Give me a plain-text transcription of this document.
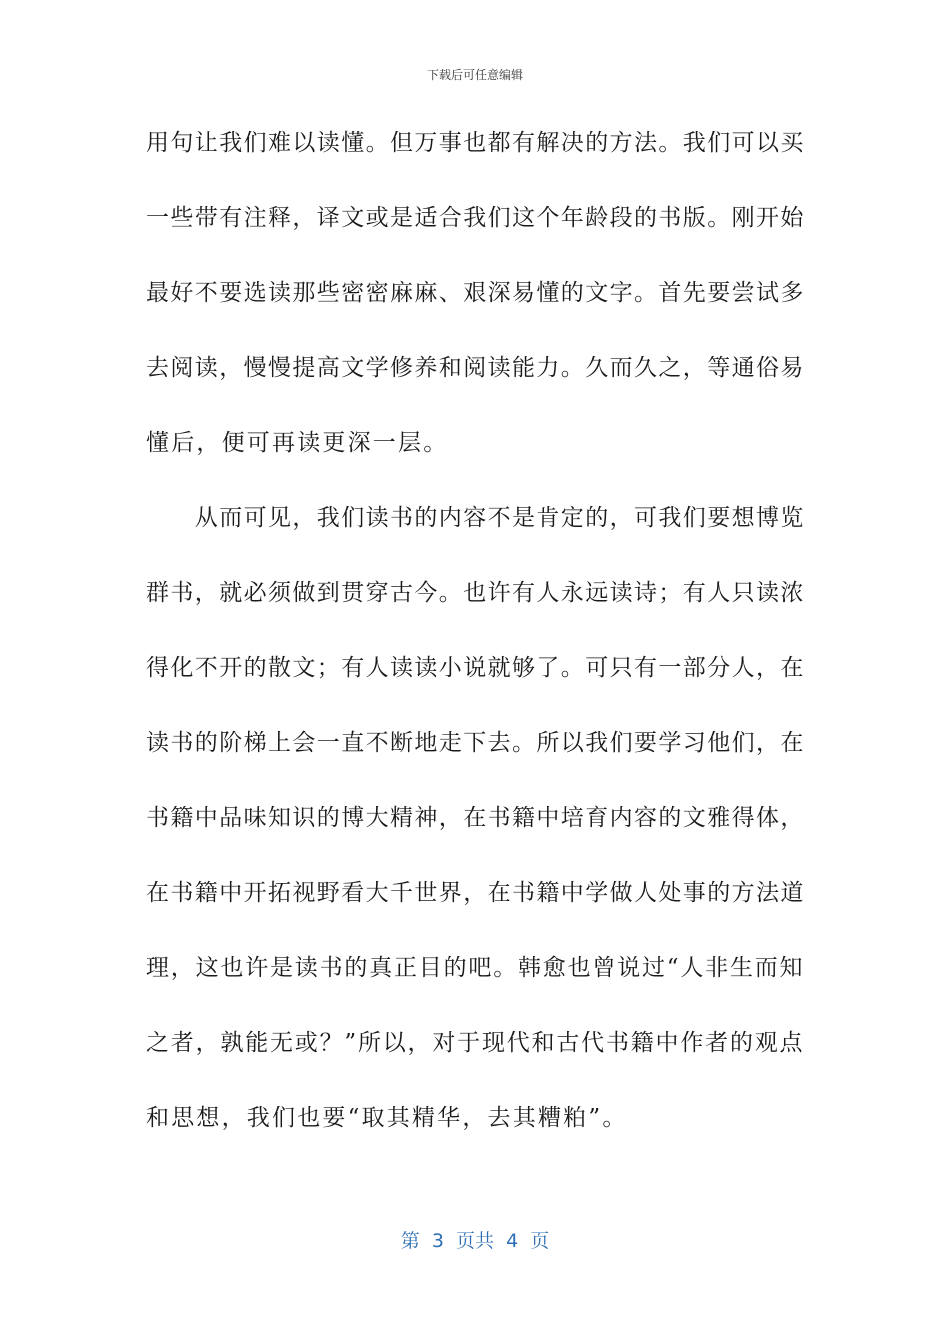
下载后可任意编辑
用句让我们难以读懂。但万事也都有解决的方法。我们可以买
一些带有注释，译文或是适合我们这个年龄段的书版。刚开始
最好不要选读那些密密麻麻、艰深易懂的文字。首先要尝试多
去阅读，慢慢提高文学修养和阅读能力。久而久之，等通俗易
懂后，便可再读更深一层。
　　从而可见，我们读书的内容不是肯定的，可我们要想博览
群书，就必须做到贯穿古今。也许有人永远读诗；有人只读浓
得化不开的散文；有人读读小说就够了。可只有一部分人，在
读书的阶梯上会一直不断地走下去。所以我们要学习他们，在
书籍中品味知识的博大精神，在书籍中培育内容的文雅得体，
在书籍中开拓视野看大千世界，在书籍中学做人处事的方法道
理，这也许是读书的真正目的吧。韩愈也曾说过“人非生而知
之者，孰能无或？”所以，对于现代和古代书籍中作者的观点
和思想，我们也要“取其精华，去其糟粕”。
第  3  页共  4  页
